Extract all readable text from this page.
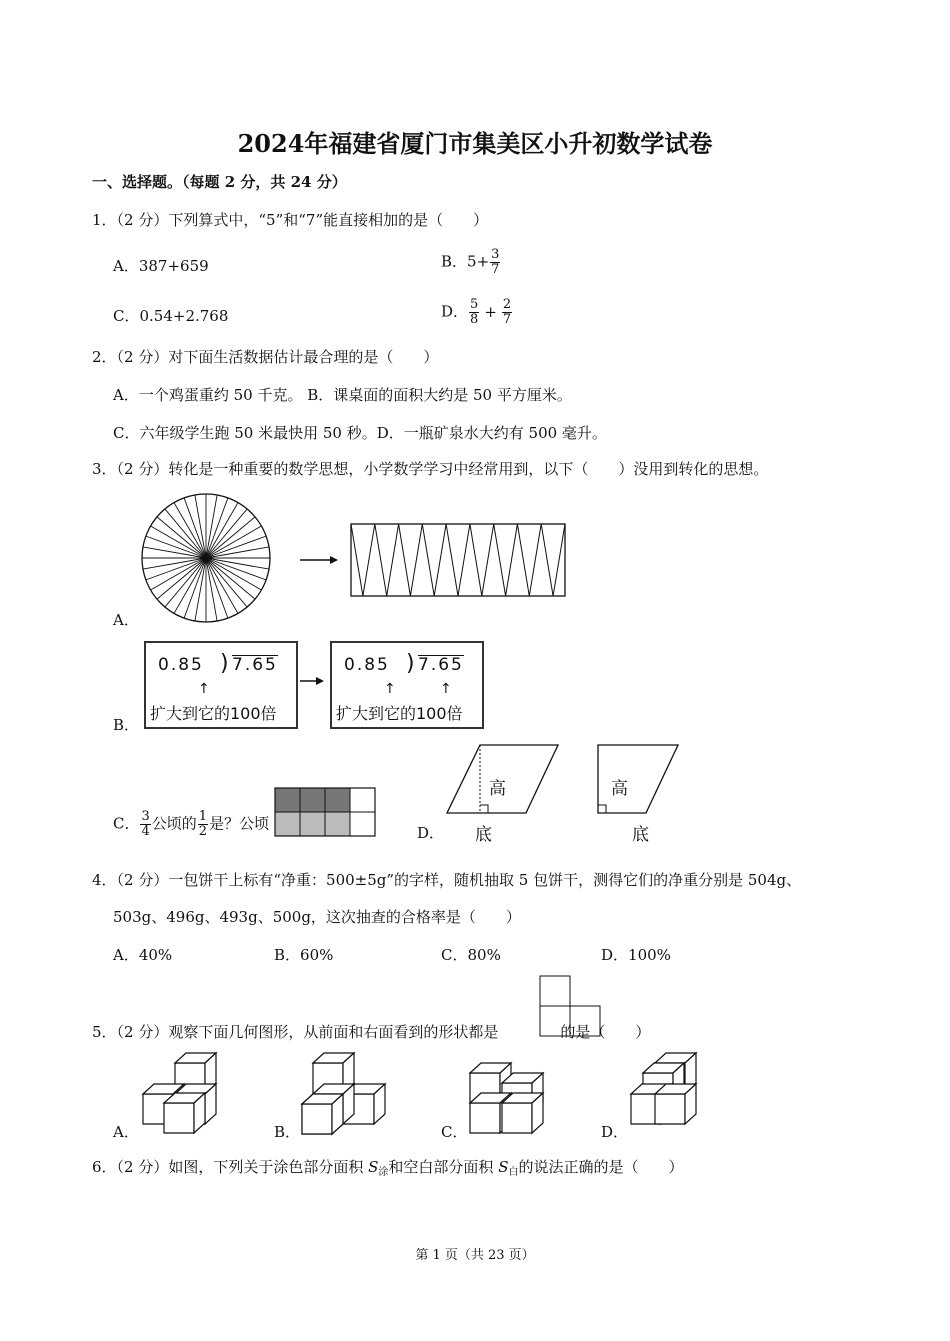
2024年福建省厦门市集美区小升初数学试卷
一、选择题。（每题 2 分，共 24 分）
1．（2 分）下列算式中，“5”和“7”能直接相加的是（　　）
A．387+659	B．$5+ \frac{3}{7}$
C．0.54+2.768	D． $\frac{5}{8} + \frac{2}{7}$
2．（2 分）对下面生活数据估计最合理的是（　　）
A．一个鸡蛋重约 50 千克。 B．课桌面的面积大约是 50 平方厘米。
C．六年级学生跑 50 米最快用 50 秒。D．一瓶矿泉水大约有 500 毫升。
3．（2 分）转化是一种重要的数学思想，小学数学学习中经常用到，以下（　　）没用到转化的思想。
A．
B．
0.85 ) 7.65
扩大到它的100倍
↑
0.85 ) 7.65
扩大到它的100倍
↑	↑
C． $\frac{3}{4}$ 公顷的 $\frac{1}{2}$ 是？公顷
D．
高
底
高
底
4．（2 分）一包饼干上标有“净重：500±5g”的字样，随机抽取 5 包饼干，测得它们的净重分别是 504g、
503g、496g、493g、500g，这次抽查的合格率是（　　）
A．40%	B．60%	C．80%	D．100%
5．（2 分）观察下面几何图形，从前面和右面看到的形状都是	的是（　　）
A．	B．	C．	D．
6．（2 分）如图，下列关于涂色部分面积 $S_涂$和空白部分面积 $S_白$的说法正确的是（　　）
第 1 页（共 23 页）
